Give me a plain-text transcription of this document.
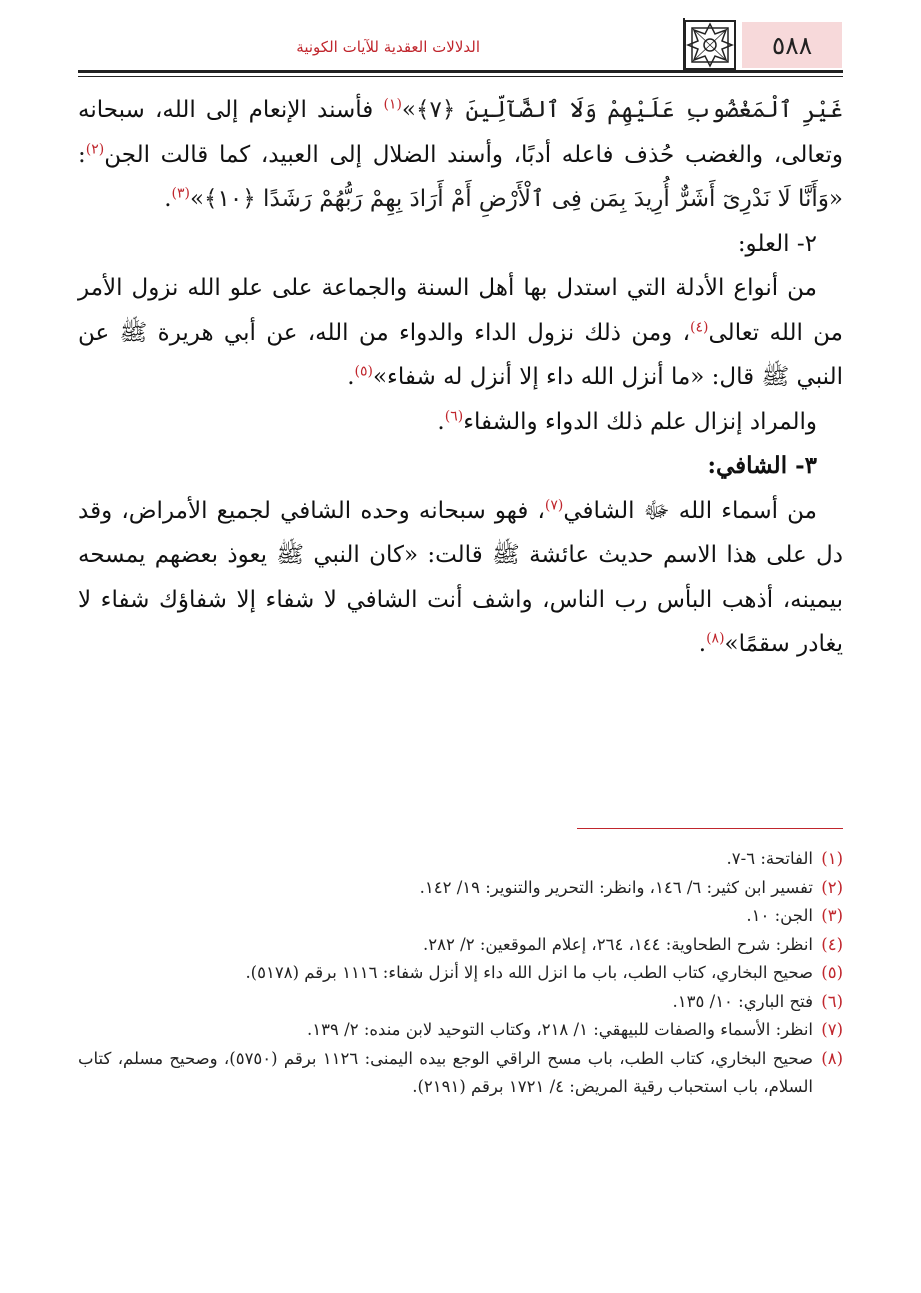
٥٨٨
الدلالات العقدية للآيات الكونية

غَيْرِ ٱلْمَغْضُوبِ عَلَيْهِمْ وَلَا ٱلضَّآلِّينَ ﴿٧﴾»$^{(١)}$ فأسند الإنعام إلى الله، سبحانه وتعالى، والغضب حُذف فاعله أدبًا، وأسند الضلال إلى العبيد، كما قالت الجن$^{(٢)}$: «وَأَنَّا لَا نَدْرِىٓ أَشَرٌّ أُرِيدَ بِمَن فِى ٱلْأَرْضِ أَمْ أَرَادَ بِهِمْ رَبُّهُمْ رَشَدًا ﴿١٠﴾»$^{(٣)}$.

٢- العلو:

من أنواع الأدلة التي استدل بها أهل السنة والجماعة على علو الله نزول الأمر من الله تعالى$^{(٤)}$، ومن ذلك نزول الداء والدواء من الله، عن أبي هريرة ﷺ عن النبي ﷺ قال: «ما أنزل الله داء إلا أنزل له شفاء»$^{(٥)}$.

والمراد إنزال علم ذلك الدواء والشفاء$^{(٦)}$.

٣- الشافي:

من أسماء الله ﷻ الشافي$^{(٧)}$، فهو سبحانه وحده الشافي لجميع الأمراض، وقد دل على هذا الاسم حديث عائشة ﷺ قالت: «كان النبي ﷺ يعوذ بعضهم يمسحه بيمينه، أذهب البأس رب الناس، واشف أنت الشافي لا شفاء إلا شفاؤك شفاء لا يغادر سقمًا»$^{(٨)}$.

(١)
الفاتحة: ٦-٧.

(٢)
تفسير ابن كثير: ٦/ ١٤٦، وانظر: التحرير والتنوير: ١٩/ ١٤٢.

(٣)
الجن: ١٠.

(٤)
انظر: شرح الطحاوية: ١٤٤، ٢٦٤، إعلام الموقعين: ٢/ ٢٨٢.

(٥)
صحيح البخاري، كتاب الطب، باب ما انزل الله داء إلا أنزل شفاء: ١١١٦ برقم (٥١٧٨).

(٦)
فتح الباري: ١٠/ ١٣٥.

(٧)
انظر: الأسماء والصفات للبيهقي: ١/ ٢١٨، وكتاب التوحيد لابن منده: ٢/ ١٣٩.

(٨)
صحيح البخاري، كتاب الطب، باب مسح الراقي الوجع بيده اليمنى: ١١٢٦ برقم (٥٧٥٠)، وصحيح مسلم، كتاب السلام، باب استحباب رقية المريض: ٤/ ١٧٢١ برقم (٢١٩١).
